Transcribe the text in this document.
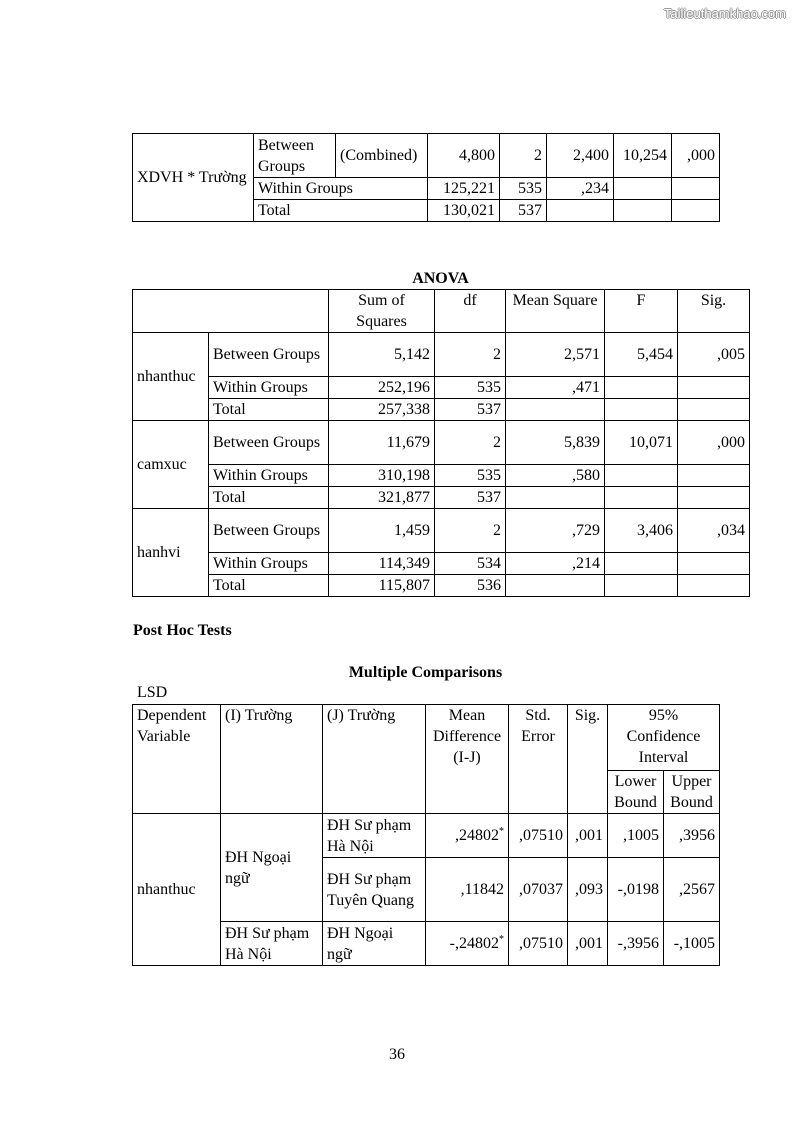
Tailieuthamkhao.com
XDVH * Trường	Between Groups	(Combined)	4,800	2	2,400	10,254	,000
	Within Groups		125,221	535	,234		
	Total		130,021	537			
ANOVA
		Sum of Squares	df	Mean Square	F	Sig.
nhanthuc	Between Groups	5,142	2	2,571	5,454	,005
	Within Groups	252,196	535	,471		
	Total	257,338	537			
camxuc	Between Groups	11,679	2	5,839	10,071	,000
	Within Groups	310,198	535	,580		
	Total	321,877	537			
hanhvi	Between Groups	1,459	2	,729	3,406	,034
	Within Groups	114,349	534	,214		
	Total	115,807	536			
Post Hoc Tests
Multiple Comparisons
LSD
Dependent Variable	(I) Trường	(J) Trường	Mean Difference (I-J)	Std. Error	Sig.	95% Confidence Interval	
						Lower Bound	Upper Bound
nhanthuc	ĐH Ngoại ngữ	ĐH Sư phạm Hà Nội	,24802*	,07510	,001	,1005	,3956
		ĐH Sư phạm Tuyên Quang	,11842	,07037	,093	-,0198	,2567
	ĐH Sư phạm Hà Nội	ĐH Ngoại ngữ	-,24802*	,07510	,001	-,3956	-,1005
36
